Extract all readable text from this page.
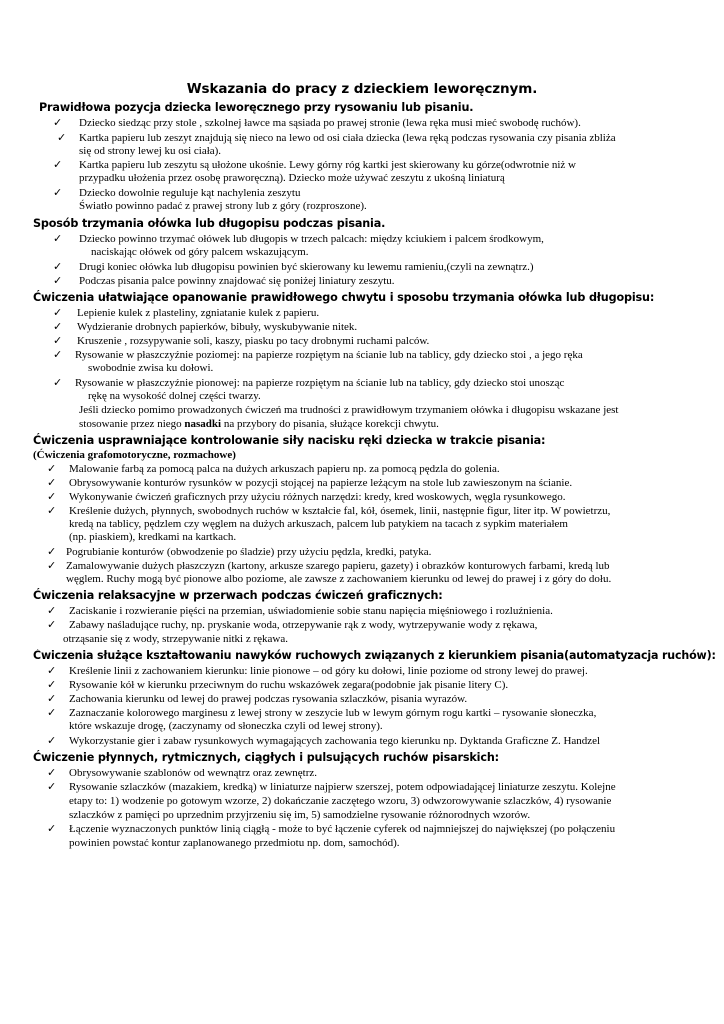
Wskazania do pracy z dzieckiem leworęcznym.
Prawidłowa pozycja dziecka leworęcznego przy rysowaniu lub pisaniu.
✓ Dziecko siedząc przy stole , szkolnej ławce ma sąsiada po prawej stronie (lewa ręka musi mieć swobodę ruchów).
✓ Kartka papieru lub zeszyt znajdują się nieco na lewo od osi ciała dziecka (lewa ręką podczas rysowania czy pisania zbliża
się od strony lewej ku osi ciała).
✓ Kartka papieru lub zeszytu są ułożone ukośnie. Lewy górny róg kartki jest skierowany ku górze(odwrotnie niż w
przypadku ułożenia przez osobę praworęczną). Dziecko może używać zeszytu z ukośną liniaturą
✓ Dziecko dowolnie reguluje kąt nachylenia zeszytu
Światło powinno padać z prawej strony lub z góry (rozproszone).
Sposób trzymania ołówka lub długopisu podczas pisania.
✓ Dziecko powinno trzymać ołówek lub długopis w trzech palcach: między kciukiem i palcem środkowym,
naciskając ołówek od góry palcem wskazującym.
✓ Drugi koniec ołówka lub długopisu powinien być skierowany ku lewemu ramieniu,(czyli na zewnątrz.)
✓ Podczas pisania palce powinny znajdować się poniżej liniatury zeszytu.
Ćwiczenia ułatwiające opanowanie prawidłowego chwytu i sposobu trzymania ołówka lub długopisu:
✓ Lepienie kulek z plasteliny, zgniatanie kulek z papieru.
✓ Wydzieranie drobnych papierków, bibuły, wyskubywanie nitek.
✓ Kruszenie , rozsypywanie soli, kaszy, piasku po tacy drobnymi ruchami palców.
✓ Rysowanie w płaszczyźnie poziomej: na papierze rozpiętym na ścianie lub na tablicy, gdy dziecko stoi , a jego ręka
swobodnie zwisa ku dołowi.
✓ Rysowanie w płaszczyźnie pionowej: na papierze rozpiętym na ścianie lub na tablicy, gdy dziecko stoi unosząc
rękę na wysokość dolnej części twarzy.
Jeśli dziecko pomimo prowadzonych ćwiczeń ma trudności z prawidłowym trzymaniem ołówka i długopisu wskazane jest
stosowanie przez niego nasadki na przybory do pisania, służące korekcji chwytu.
Ćwiczenia usprawniające kontrolowanie siły nacisku ręki dziecka w trakcie pisania:
(Ćwiczenia grafomotoryczne, rozmachowe)
✓ Malowanie farbą za pomocą palca na dużych arkuszach papieru np. za pomocą pędzla do golenia.
✓ Obrysowywanie konturów rysunków w pozycji stojącej na papierze leżącym na stole lub zawieszonym na ścianie.
✓ Wykonywanie ćwiczeń graficznych przy użyciu różnych narzędzi: kredy, kred woskowych, węgla rysunkowego.
✓ Kreślenie dużych, płynnych, swobodnych ruchów w kształcie fal, kół, ósemek, linii, następnie figur, liter itp. W powietrzu,
kredą na tablicy, pędzlem czy węglem na dużych arkuszach, palcem lub patykiem na tacach z sypkim materiałem
(np. piaskiem), kredkami na kartkach.
✓ Pogrubianie konturów (obwodzenie po śladzie) przy użyciu pędzla, kredki, patyka.
✓ Zamalowywanie dużych płaszczyzn (kartony, arkusze szarego papieru, gazety) i obrazków konturowych farbami, kredą lub
węglem. Ruchy mogą być pionowe albo poziome, ale zawsze z zachowaniem kierunku od lewej do prawej i z góry do dołu.
Ćwiczenia relaksacyjne w przerwach podczas ćwiczeń graficznych:
✓ Zaciskanie i rozwieranie pięści na przemian, uświadomienie sobie stanu napięcia mięśniowego i rozluźnienia.
✓ Zabawy naśladujące ruchy, np. pryskanie woda, otrzepywanie rąk z wody, wytrzepywanie wody z rękawa,
otrząsanie się z wody, strzepywanie nitki z rękawa.
Ćwiczenia służące kształtowaniu nawyków ruchowych związanych z kierunkiem pisania(automatyzacja ruchów):
✓ Kreślenie linii z zachowaniem kierunku: linie pionowe – od góry ku dołowi, linie poziome od strony lewej do prawej.
✓ Rysowanie kół w kierunku przeciwnym do ruchu wskazówek zegara(podobnie jak pisanie litery C).
✓ Zachowania kierunku od lewej do prawej podczas rysowania szlaczków, pisania wyrazów.
✓ Zaznaczanie kolorowego marginesu z lewej strony w zeszycie lub w lewym górnym rogu kartki – rysowanie słoneczka,
które wskazuje drogę, (zaczynamy od słoneczka czyli od lewej strony).
✓ Wykorzystanie gier i zabaw rysunkowych wymagających zachowania tego kierunku np. Dyktanda Graficzne Z. Handzel
Ćwiczenie płynnych, rytmicznych, ciągłych i pulsujących ruchów pisarskich:
✓ Obrysowywanie szablonów od wewnątrz oraz zewnętrz.
✓ Rysowanie szlaczków (mazakiem, kredką) w liniaturze najpierw szerszej, potem odpowiadającej liniaturze zeszytu. Kolejne
etapy to: 1) wodzenie po gotowym wzorze, 2) dokańczanie zaczętego wzoru, 3) odwzorowywanie szlaczków, 4) rysowanie
szlaczków z pamięci po uprzednim przyjrzeniu się im, 5) samodzielne rysowanie różnorodnych wzorów.
✓ Łączenie wyznaczonych punktów linią ciągłą - może to być łączenie cyferek od najmniejszej do największej (po połączeniu
powinien powstać kontur zaplanowanego przedmiotu np. dom, samochód).
